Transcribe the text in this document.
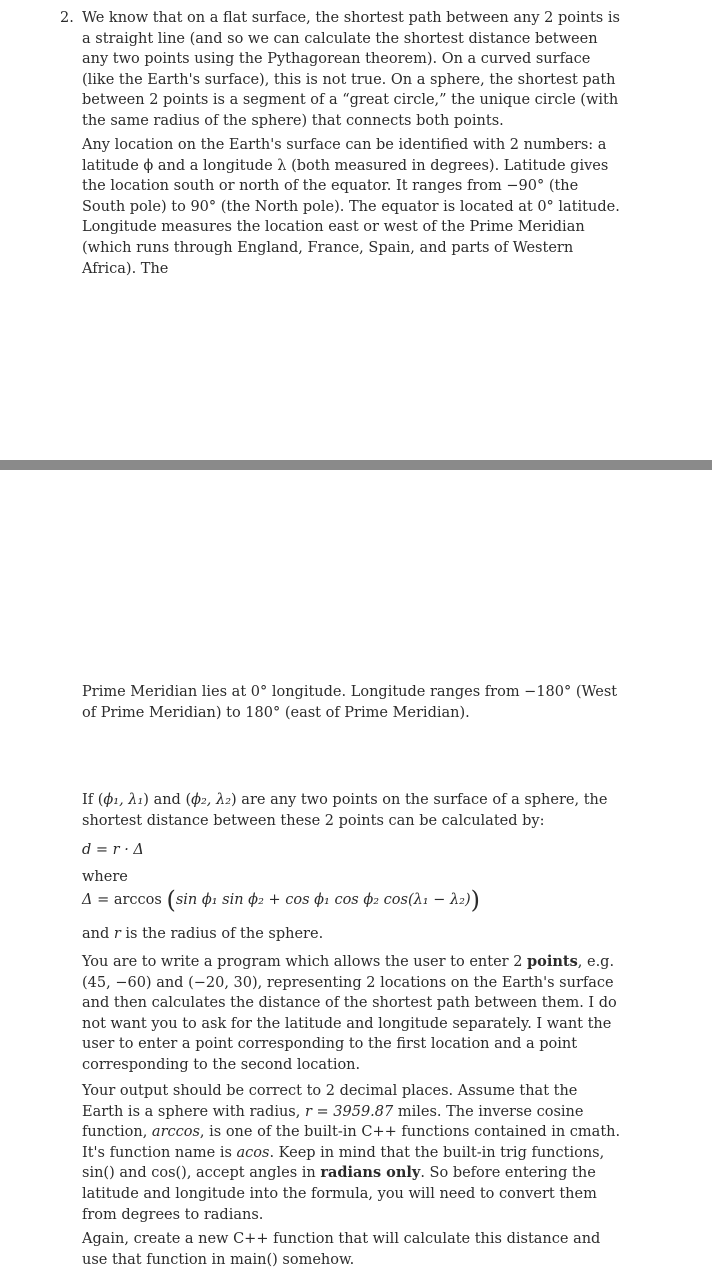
2. We know that on a flat surface, the shortest path between any 2 points is a straight line (and so we can calculate the shortest distance between any two points using the Pythagorean theorem). On a curved surface (like the Earth's surface), this is not true. On a sphere, the shortest path between 2 points is a segment of a “great circle,” the unique circle (with the same radius of the sphere) that connects both points.

Any location on the Earth's surface can be identified with 2 numbers: a latitude ϕ and a longitude λ (both measured in degrees). Latitude gives the location south or north of the equator. It ranges from −90° (the South pole) to 90° (the North pole). The equator is located at 0° latitude. Longitude measures the location east or west of the Prime Meridian (which runs through England, France, Spain, and parts of Western Africa). The

Prime Meridian lies at 0° longitude. Longitude ranges from −180° (West of Prime Meridian) to 180° (east of Prime Meridian).

If (ϕ₁, λ₁) and (ϕ₂, λ₂) are any two points on the surface of a sphere, the shortest distance between these 2 points can be calculated by:

d = r · Δ
where
Δ = arccos (sin ϕ₁ sin ϕ₂ + cos ϕ₁ cos ϕ₂ cos(λ₁ − λ₂))
and r is the radius of the sphere.

You are to write a program which allows the user to enter 2 points, e.g. (45, −60) and (−20, 30), representing 2 locations on the Earth's surface and then calculates the distance of the shortest path between them. I do not want you to ask for the latitude and longitude separately. I want the user to enter a point corresponding to the first location and a point corresponding to the second location.

Your output should be correct to 2 decimal places. Assume that the Earth is a sphere with radius, r = 3959.87 miles. The inverse cosine function, arccos, is one of the built-in C++ functions contained in cmath. It's function name is acos. Keep in mind that the built-in trig functions, sin() and cos(), accept angles in radians only. So before entering the latitude and longitude into the formula, you will need to convert them from degrees to radians.

Again, create a new C++ function that will calculate this distance and use that function in main() somehow.
